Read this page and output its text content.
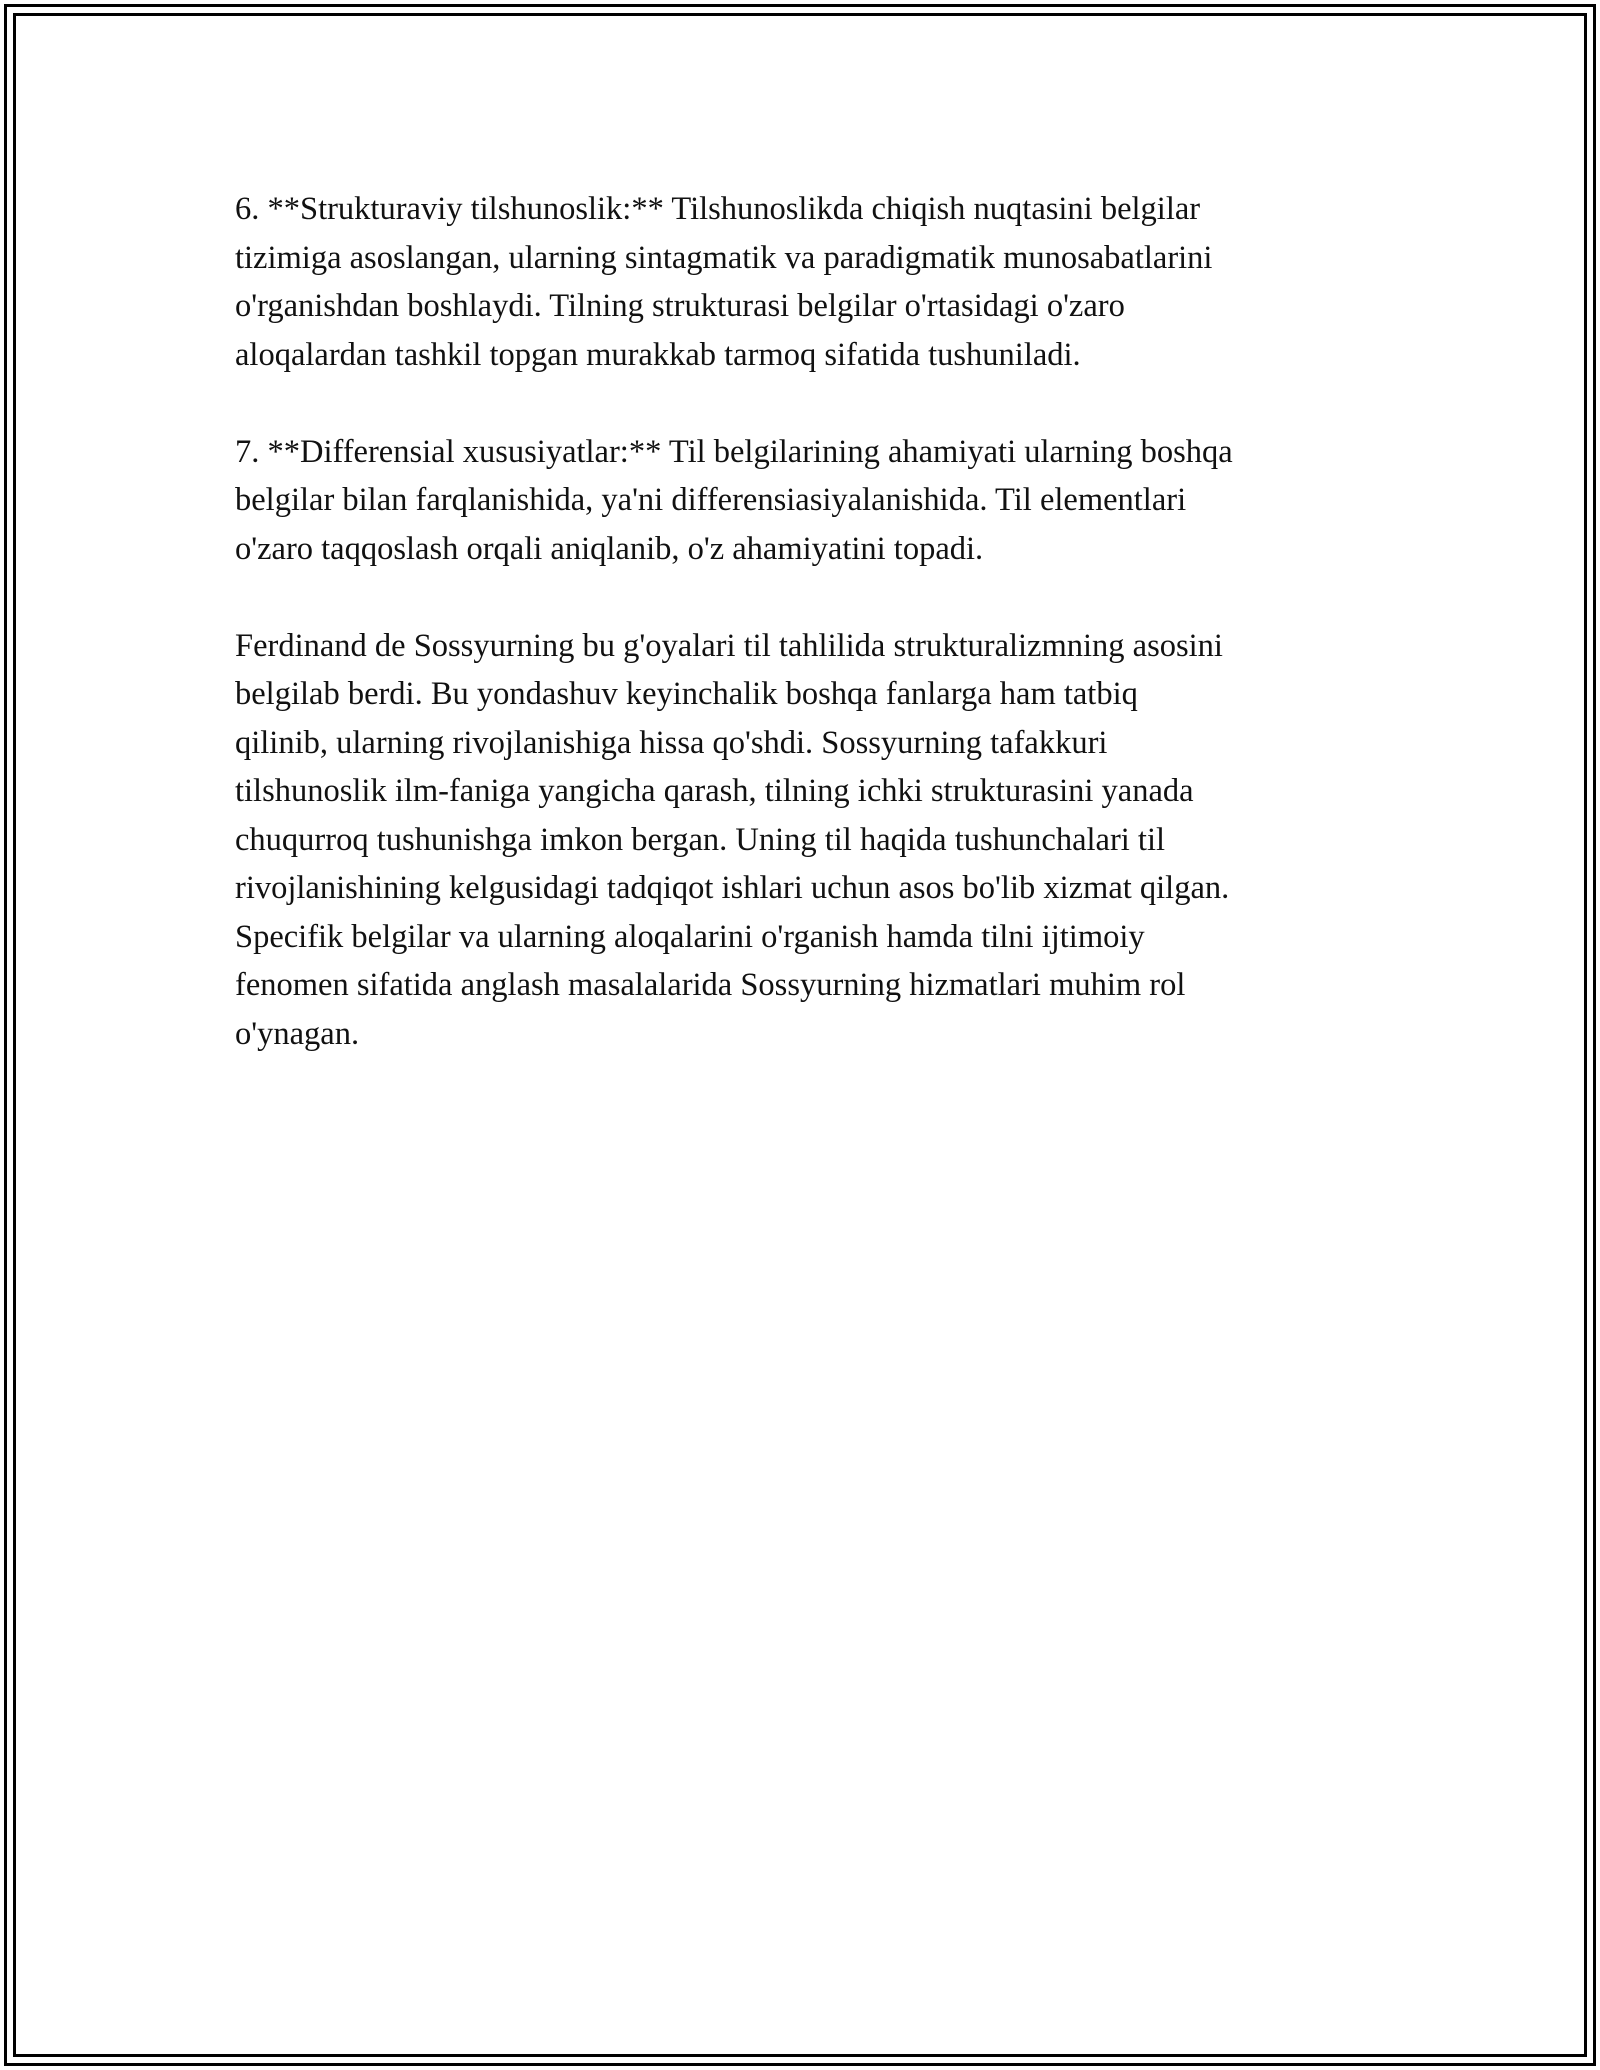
6. **Strukturaviy tilshunoslik:** Tilshunoslikda chiqish nuqtasini belgilar
tizimiga asoslangan, ularning sintagmatik va paradigmatik munosabatlarini
o'rganishdan boshlaydi. Tilning strukturasi belgilar o'rtasidagi o'zaro
aloqalardan tashkil topgan murakkab tarmoq sifatida tushuniladi.

7. **Differensial xususiyatlar:** Til belgilarining ahamiyati ularning boshqa
belgilar bilan farqlanishida, ya'ni differensiasiyalanishida. Til elementlari
o'zaro taqqoslash orqali aniqlanib, o'z ahamiyatini topadi.

Ferdinand de Sossyurning bu g'oyalari til tahlilida strukturalizmning asosini
belgilab berdi. Bu yondashuv keyinchalik boshqa fanlarga ham tatbiq
qilinib, ularning rivojlanishiga hissa qo'shdi. Sossyurning tafakkuri
tilshunoslik ilm-faniga yangicha qarash, tilning ichki strukturasini yanada
chuqurroq tushunishga imkon bergan. Uning til haqida tushunchalari til
rivojlanishining kelgusidagi tadqiqot ishlari uchun asos bo'lib xizmat qilgan.
Specifik belgilar va ularning aloqalarini o'rganish hamda tilni ijtimoiy
fenomen sifatida anglash masalalarida Sossyurning hizmatlari muhim rol
o'ynagan.
